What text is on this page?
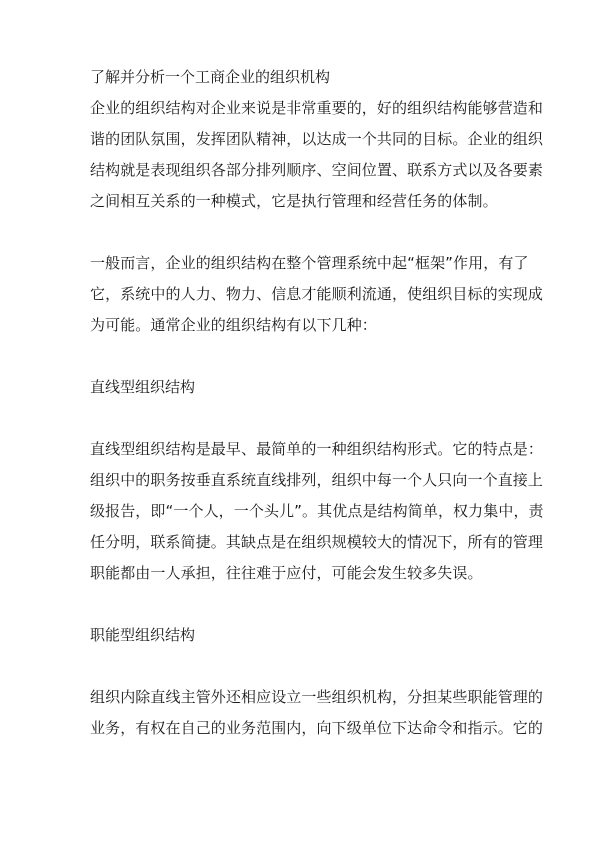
了解并分析一个工商企业的组织机构
企业的组织结构对企业来说是非常重要的，好的组织结构能够营造和
谐的团队氛围，发挥团队精神，以达成一个共同的目标。企业的组织
结构就是表现组织各部分排列顺序、空间位置、联系方式以及各要素
之间相互关系的一种模式，它是执行管理和经营任务的体制。
一般而言，企业的组织结构在整个管理系统中起“框架”作用，有了
它，系统中的人力、物力、信息才能顺利流通，使组织目标的实现成
为可能。通常企业的组织结构有以下几种：
直线型组织结构
直线型组织结构是最早、最简单的一种组织结构形式。它的特点是：
组织中的职务按垂直系统直线排列，组织中每一个人只向一个直接上
级报告，即“一个人，一个头儿”。其优点是结构简单，权力集中，责
任分明，联系简捷。其缺点是在组织规模较大的情况下，所有的管理
职能都由一人承担，往往难于应付，可能会发生较多失误。
职能型组织结构
组织内除直线主管外还相应设立一些组织机构，分担某些职能管理的
业务，有权在自己的业务范围内，向下级单位下达命令和指示。它的
